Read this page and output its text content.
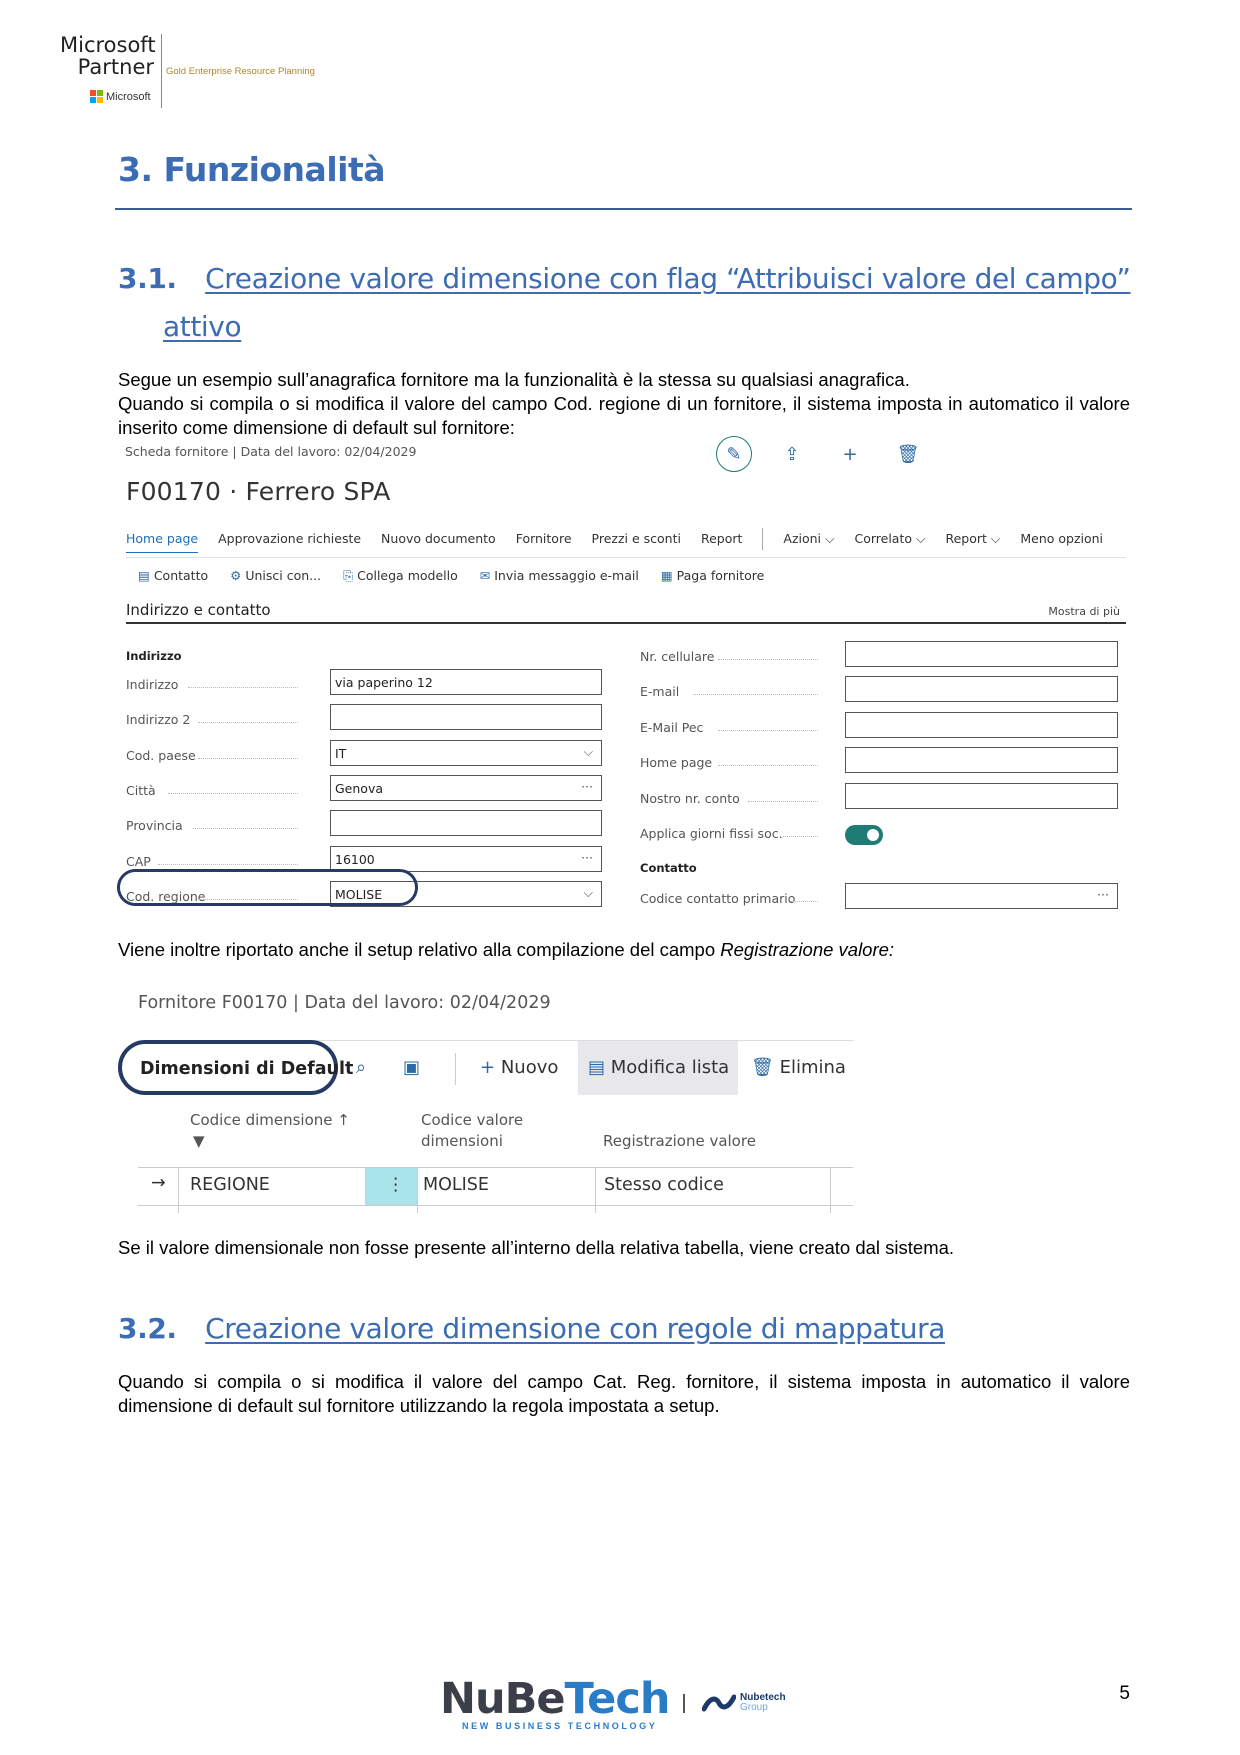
Microsoft
Partner Gold Enterprise Resource Planning
Microsoft
3. Funzionalità
3.1. Creazione valore dimensione con flag “Attribuisci valore del campo”
attivo
Segue un esempio sull’anagrafica fornitore ma la funzionalità è la stessa su qualsiasi anagrafica.
Quando si compila o si modifica il valore del campo Cod. regione di un fornitore, il sistema imposta in automatico il valore inserito come dimensione di default sul fornitore:
Scheda fornitore | Data del lavoro: 02/04/2029	✎	⇪	+	🗑
F00170 · Ferrero SPA
Home page Approvazione richieste Nuovo documento Fornitore Prezzi e sconti Report	Azioni ⌵ Correlato ⌵ Report ⌵ Meno opzioni
▤ Contatto ⚙ Unisci con... ⎘ Collega modello ✉ Invia messaggio e-mail ▦ Paga fornitore
Indirizzo e contatto	Mostra di più
Indirizzo
Indirizzo	via paperino 12
Indirizzo 2
Cod. paese	IT	⌵
Città	Genova	···
Provincia
CAP	16100	···
Cod. regione	MOLISE	⌵
Nr. cellulare
E-mail
E-Mail Pec
Home page
Nostro nr. conto
Applica giorni fissi soc.
Contatto
Codice contatto primario	···
Viene inoltre riportato anche il setup relativo alla compilazione del campo Registrazione valore:
Fornitore F00170 | Data del lavoro: 02/04/2029
Dimensioni di Default ⌕ ▣	+ Nuovo ▤ Modifica lista 🗑 Elimina
Codice dimensione ↑
▼
Codice valore
dimensioni	Registrazione valore
→ REGIONE	⋮ MOLISE	Stesso codice
Se il valore dimensionale non fosse presente all’interno della relativa tabella, viene creato dal sistema.
3.2. Creazione valore dimensione con regole di mappatura
Quando si compila o si modifica il valore del campo Cat. Reg. fornitore, il sistema imposta in automatico il valore dimensione di default sul fornitore utilizzando la regola impostata a setup.
NuBeTech
NEW BUSINESS TECHNOLOGY
Nubetech
Group
5
